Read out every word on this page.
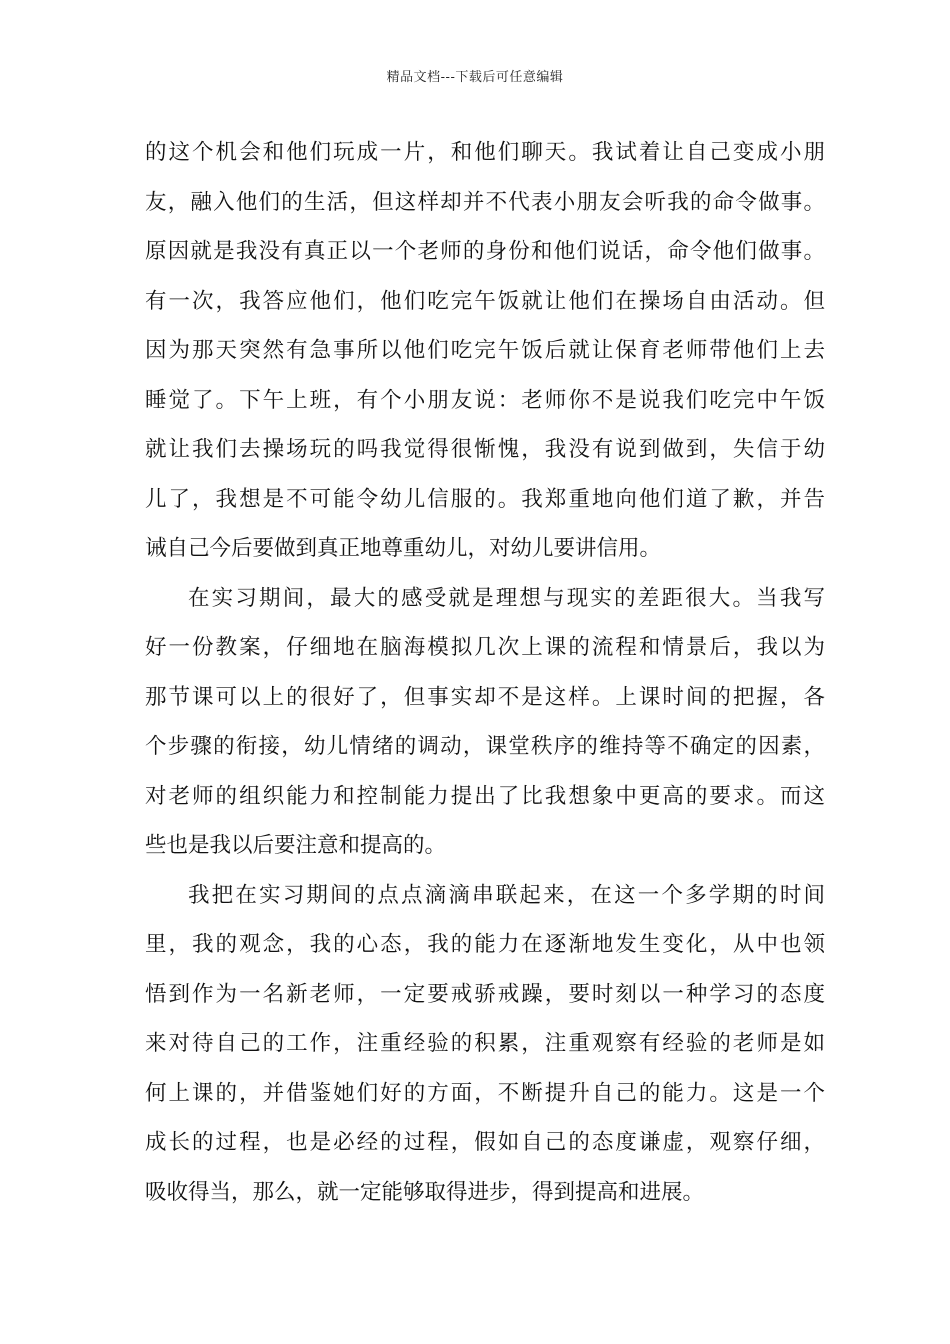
精品文档---下载后可任意编辑
的这个机会和他们玩成一片，和他们聊天。我试着让自己变成小朋
友，融入他们的生活，但这样却并不代表小朋友会听我的命令做事。
原因就是我没有真正以一个老师的身份和他们说话，命令他们做事。
有一次，我答应他们，他们吃完午饭就让他们在操场自由活动。但
因为那天突然有急事所以他们吃完午饭后就让保育老师带他们上去
睡觉了。下午上班，有个小朋友说：老师你不是说我们吃完中午饭
就让我们去操场玩的吗我觉得很惭愧，我没有说到做到，失信于幼
儿了，我想是不可能令幼儿信服的。我郑重地向他们道了歉，并告
诫自己今后要做到真正地尊重幼儿，对幼儿要讲信用。
在实习期间，最大的感受就是理想与现实的差距很大。当我写
好一份教案，仔细地在脑海模拟几次上课的流程和情景后，我以为
那节课可以上的很好了，但事实却不是这样。上课时间的把握，各
个步骤的衔接，幼儿情绪的调动，课堂秩序的维持等不确定的因素，
对老师的组织能力和控制能力提出了比我想象中更高的要求。而这
些也是我以后要注意和提高的。
我把在实习期间的点点滴滴串联起来，在这一个多学期的时间
里，我的观念，我的心态，我的能力在逐渐地发生变化，从中也领
悟到作为一名新老师，一定要戒骄戒躁，要时刻以一种学习的态度
来对待自己的工作，注重经验的积累，注重观察有经验的老师是如
何上课的，并借鉴她们好的方面，不断提升自己的能力。这是一个
成长的过程，也是必经的过程，假如自己的态度谦虚，观察仔细，
吸收得当，那么，就一定能够取得进步，得到提高和进展。
